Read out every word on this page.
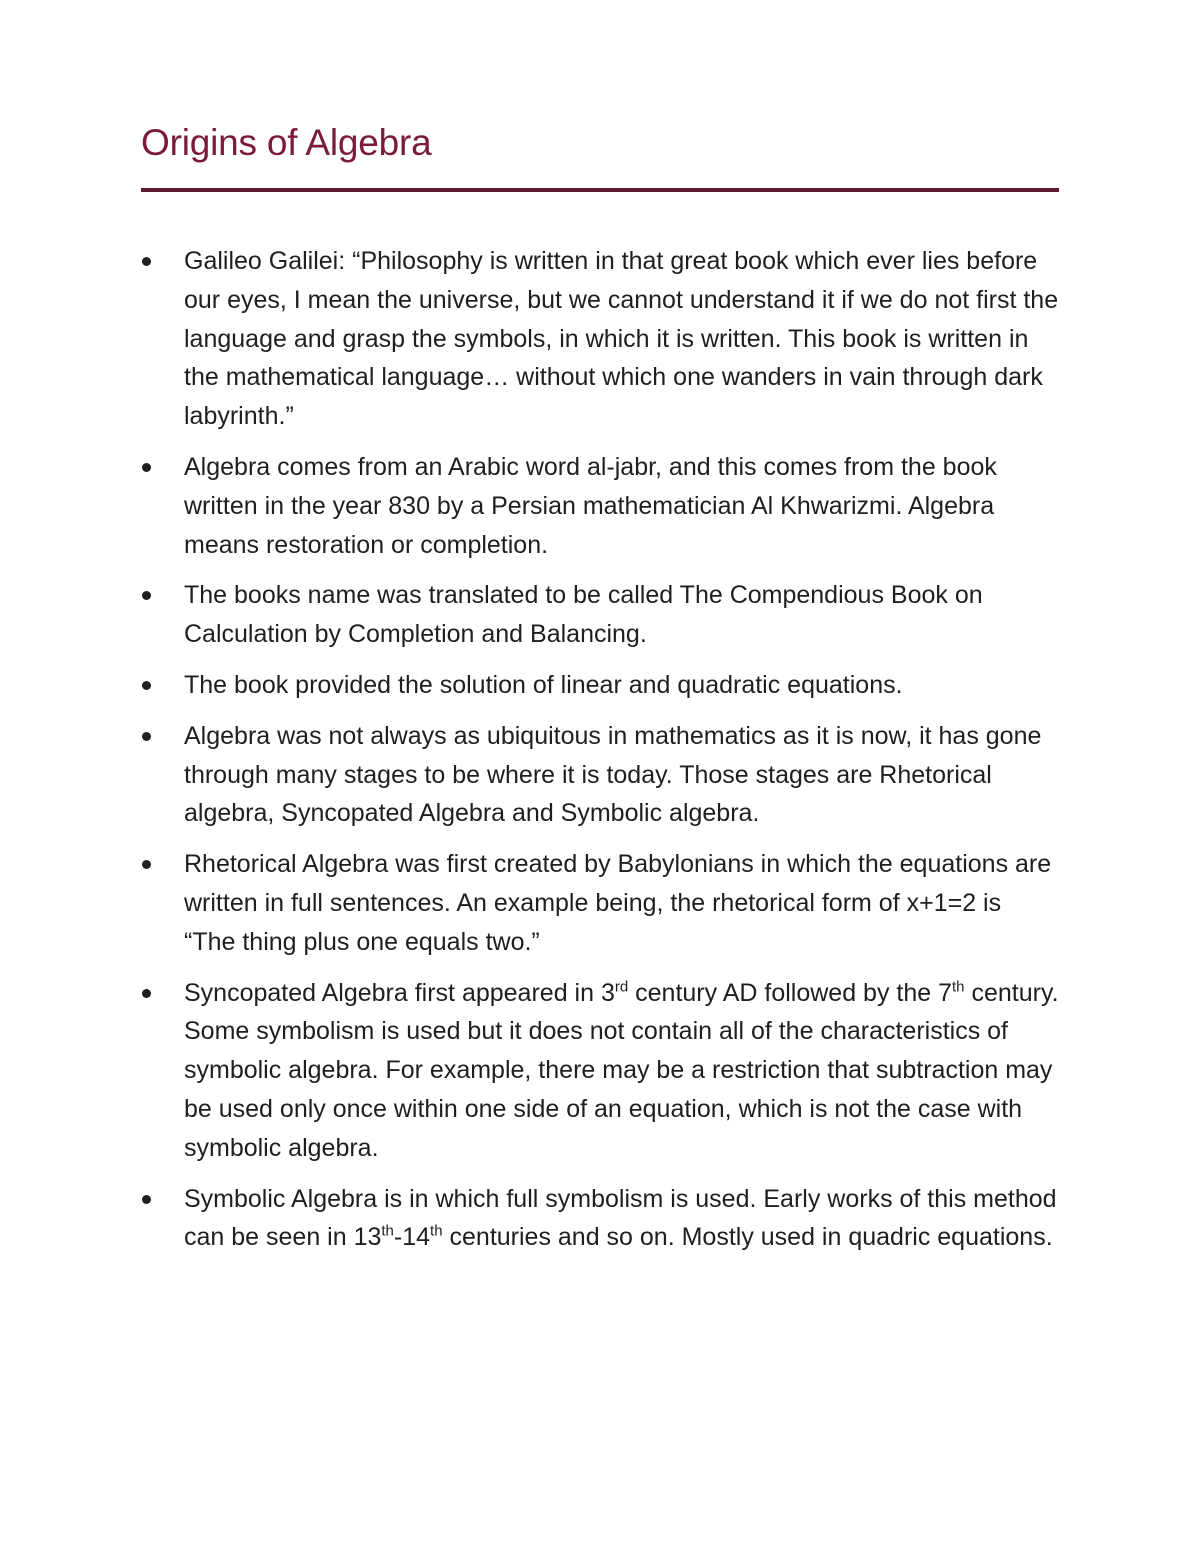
Origins of Algebra
Galileo Galilei: “Philosophy is written in that great book which ever lies before our eyes, I mean the universe, but we cannot understand it if we do not first the language and grasp the symbols, in which it is written. This book is written in the mathematical language… without which one wanders in vain through dark labyrinth.”
Algebra comes from an Arabic word al-jabr, and this comes from the book written in the year 830 by a Persian mathematician Al Khwarizmi. Algebra means restoration or completion.
The books name was translated to be called The Compendious Book on Calculation by Completion and Balancing.
The book provided the solution of linear and quadratic equations.
Algebra was not always as ubiquitous in mathematics as it is now, it has gone through many stages to be where it is today. Those stages are Rhetorical algebra, Syncopated Algebra and Symbolic algebra.
Rhetorical Algebra was first created by Babylonians in which the equations are written in full sentences. An example being, the rhetorical form of x+1=2 is “The thing plus one equals two.”
Syncopated Algebra first appeared in 3rd century AD followed by the 7th century. Some symbolism is used but it does not contain all of the characteristics of symbolic algebra. For example, there may be a restriction that subtraction may be used only once within one side of an equation, which is not the case with symbolic algebra.
Symbolic Algebra is in which full symbolism is used. Early works of this method can be seen in 13th-14th centuries and so on. Mostly used in quadric equations.
